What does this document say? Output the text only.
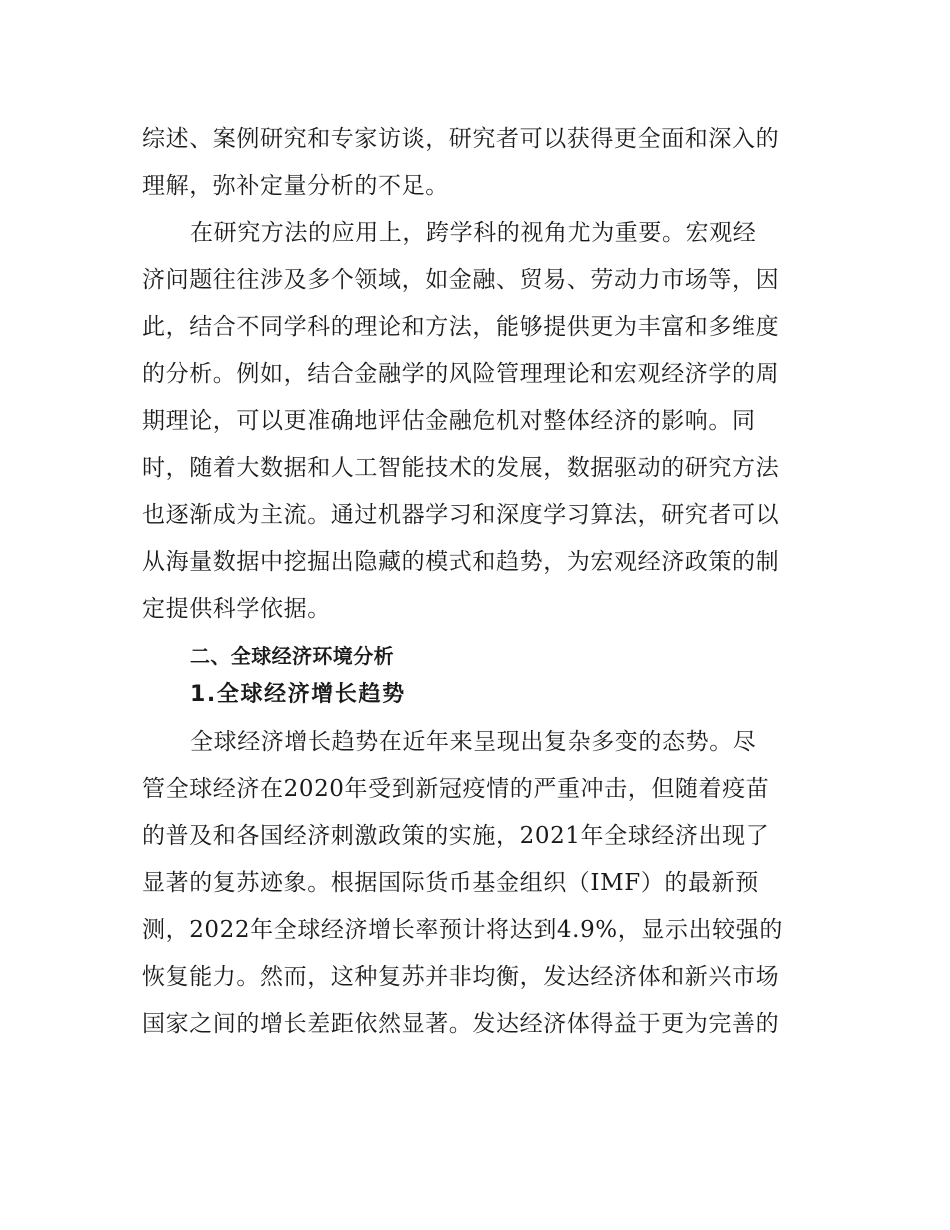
综述、案例研究和专家访谈，研究者可以获得更全面和深入的
理解，弥补定量分析的不足。
在研究方法的应用上，跨学科的视角尤为重要。宏观经
济问题往往涉及多个领域，如金融、贸易、劳动力市场等，因
此，结合不同学科的理论和方法，能够提供更为丰富和多维度
的分析。例如，结合金融学的风险管理理论和宏观经济学的周
期理论，可以更准确地评估金融危机对整体经济的影响。同
时，随着大数据和人工智能技术的发展，数据驱动的研究方法
也逐渐成为主流。通过机器学习和深度学习算法，研究者可以
从海量数据中挖掘出隐藏的模式和趋势，为宏观经济政策的制
定提供科学依据。
二、全球经济环境分析
1.全球经济增长趋势
全球经济增长趋势在近年来呈现出复杂多变的态势。尽
管全球经济在2020年受到新冠疫情的严重冲击，但随着疫苗
的普及和各国经济刺激政策的实施，2021年全球经济出现了
显著的复苏迹象。根据国际货币基金组织（IMF）的最新预
测，2022年全球经济增长率预计将达到4.9%，显示出较强的
恢复能力。然而，这种复苏并非均衡，发达经济体和新兴市场
国家之间的增长差距依然显著。发达经济体得益于更为完善的
